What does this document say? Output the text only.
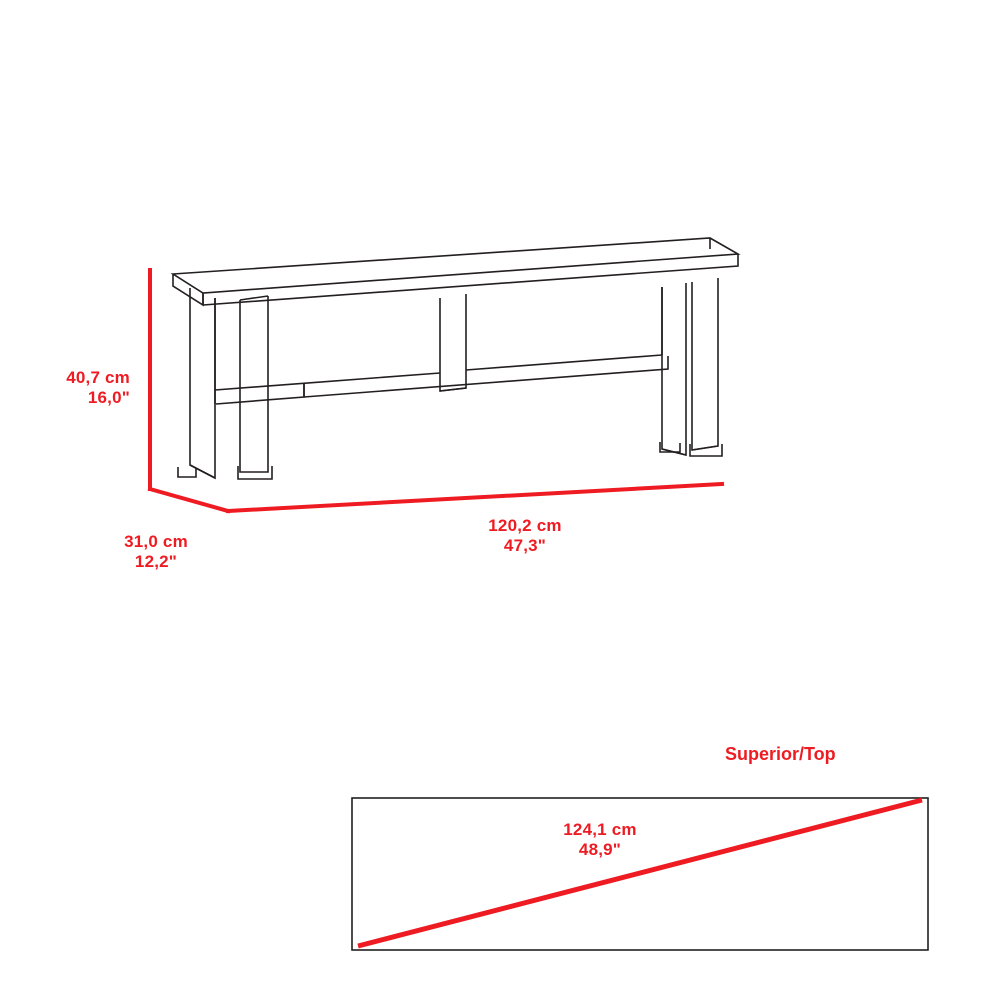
40,7 cm
16,0"
31,0 cm
12,2"
120,2 cm
47,3"
Superior/Top
124,1 cm
48,9"
